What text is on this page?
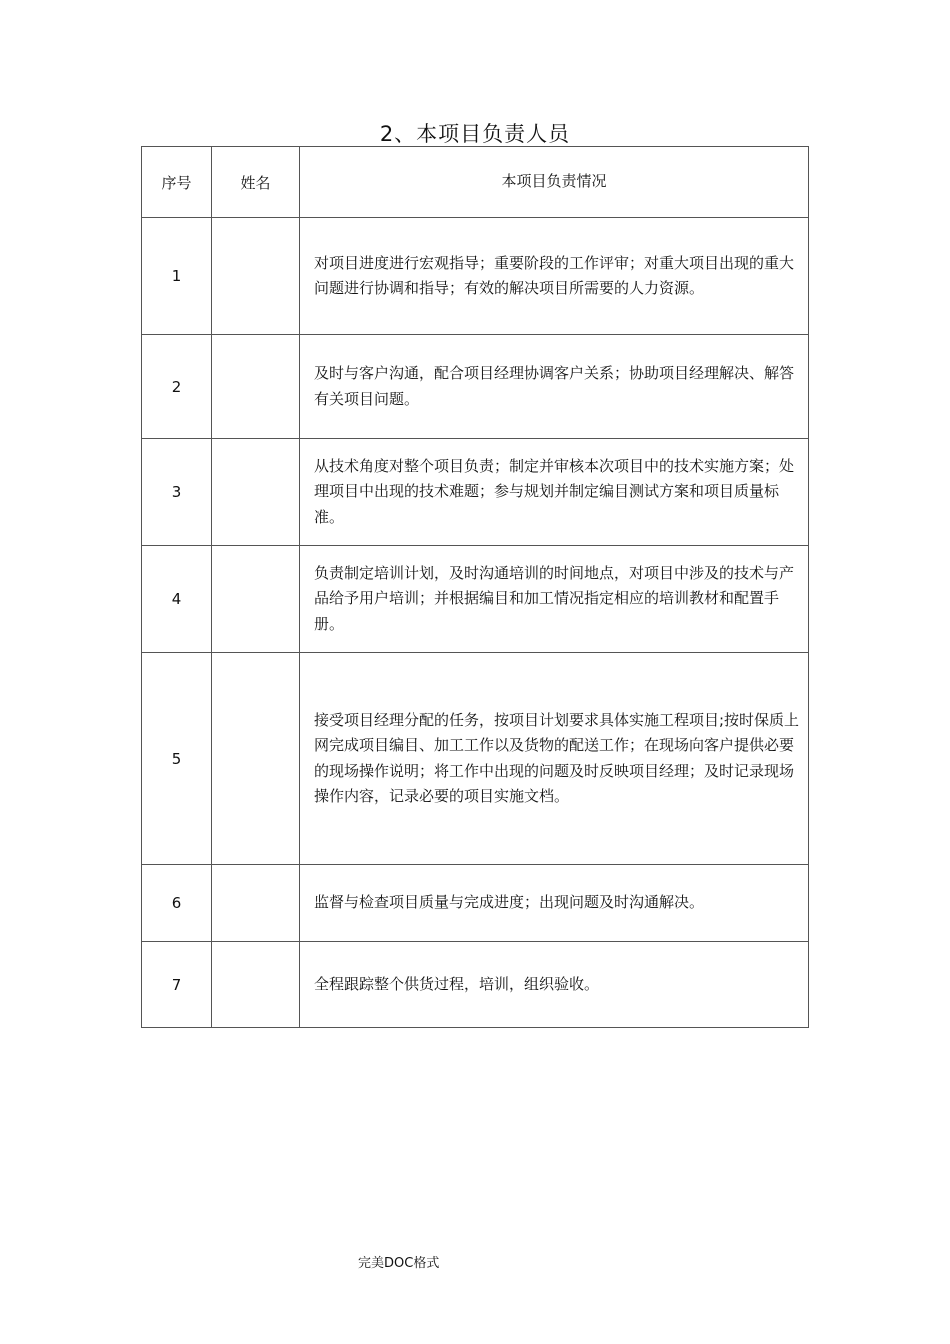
2、本项目负责人员
序号	姓名	本项目负责情况
1		对项目进度进行宏观指导；重要阶段的工作评审；对重大项目出现的重大问题进行协调和指导；有效的解决项目所需要的人力资源。
2		及时与客户沟通，配合项目经理协调客户关系；协助项目经理解决、解答有关项目问题。
3		从技术角度对整个项目负责；制定并审核本次项目中的技术实施方案；处理项目中出现的技术难题；参与规划并制定编目测试方案和项目质量标准。
4		负责制定培训计划，及时沟通培训的时间地点，对项目中涉及的技术与产品给予用户培训；并根据编目和加工情况指定相应的培训教材和配置手册。
5		接受项目经理分配的任务，按项目计划要求具体实施工程项目;按时保质上网完成项目编目、加工工作以及货物的配送工作；在现场向客户提供必要的现场操作说明；将工作中出现的问题及时反映项目经理；及时记录现场操作内容，记录必要的项目实施文档。
6		监督与检查项目质量与完成进度；出现问题及时沟通解决。
7		全程跟踪整个供货过程，培训，组织验收。
完美DOC格式
